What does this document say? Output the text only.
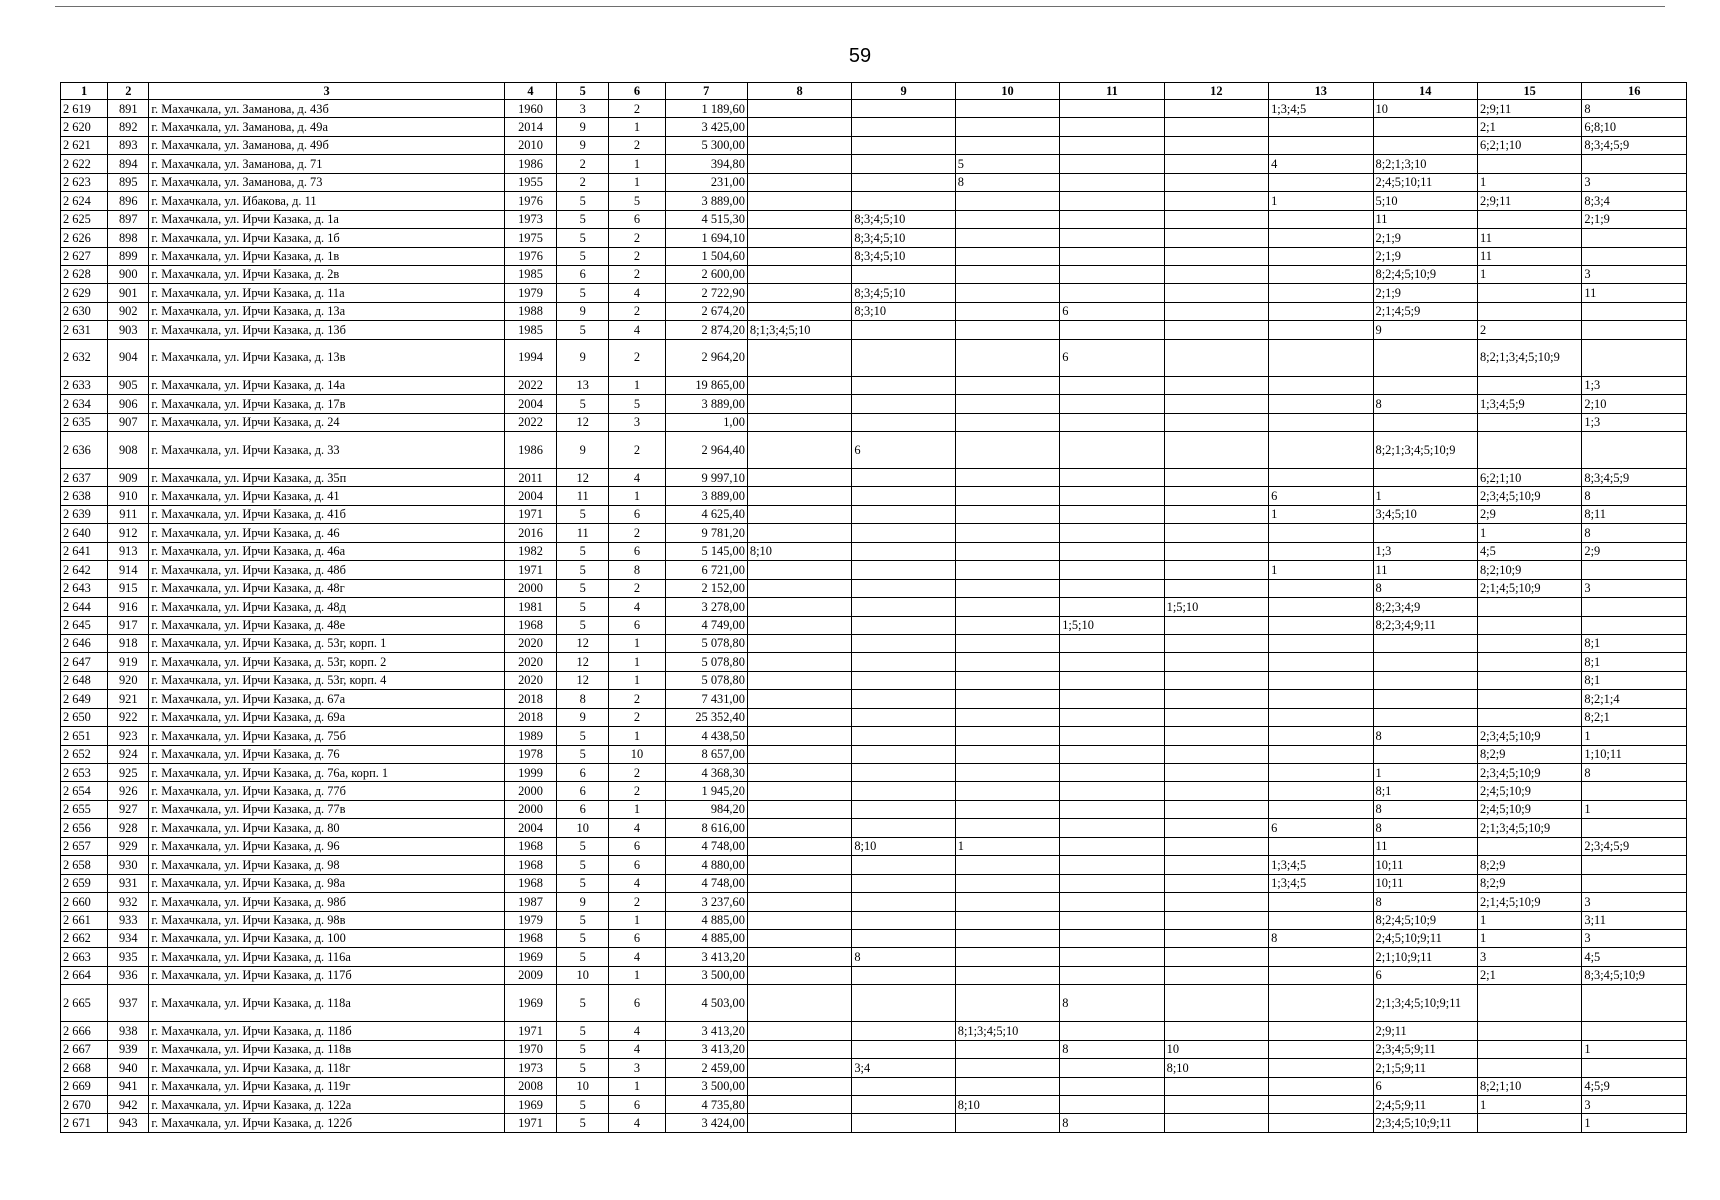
59
1	2	3	4	5	6	7	8	9	10	11	12	13	14	15	16
2 619	891	г. Махачкала, ул. Заманова, д. 43б	1960	3	2	1 189,60						1;3;4;5	10	2;9;11	8
2 620	892	г. Махачкала, ул. Заманова, д. 49а	2014	9	1	3 425,00								2;1	6;8;10
2 621	893	г. Махачкала, ул. Заманова, д. 49б	2010	9	2	5 300,00								6;2;1;10	8;3;4;5;9
2 622	894	г. Махачкала, ул. Заманова, д. 71	1986	2	1	394,80			5			4	8;2;1;3;10		
2 623	895	г. Махачкала, ул. Заманова, д. 73	1955	2	1	231,00			8				2;4;5;10;11	1	3
2 624	896	г. Махачкала, ул. Ибакова, д. 11	1976	5	5	3 889,00						1	5;10	2;9;11	8;3;4
2 625	897	г. Махачкала, ул. Ирчи Казака, д. 1а	1973	5	6	4 515,30		8;3;4;5;10					11		2;1;9
2 626	898	г. Махачкала, ул. Ирчи Казака, д. 1б	1975	5	2	1 694,10		8;3;4;5;10					2;1;9	11	
2 627	899	г. Махачкала, ул. Ирчи Казака, д. 1в	1976	5	2	1 504,60		8;3;4;5;10					2;1;9	11	
2 628	900	г. Махачкала, ул. Ирчи Казака, д. 2в	1985	6	2	2 600,00							8;2;4;5;10;9	1	3
2 629	901	г. Махачкала, ул. Ирчи Казака, д. 11а	1979	5	4	2 722,90		8;3;4;5;10					2;1;9		11
2 630	902	г. Махачкала, ул. Ирчи Казака, д. 13а	1988	9	2	2 674,20		8;3;10		6			2;1;4;5;9		
2 631	903	г. Махачкала, ул. Ирчи Казака, д. 13б	1985	5	4	2 874,20	8;1;3;4;5;10						9	2	
2 632	904	г. Махачкала, ул. Ирчи Казака, д. 13в	1994	9	2	2 964,20				6				8;2;1;3;4;5;10;9	
2 633	905	г. Махачкала, ул. Ирчи Казака, д. 14а	2022	13	1	19 865,00									1;3
2 634	906	г. Махачкала, ул. Ирчи Казака, д. 17в	2004	5	5	3 889,00							8	1;3;4;5;9	2;10
2 635	907	г. Махачкала, ул. Ирчи Казака, д. 24	2022	12	3	1,00									1;3
2 636	908	г. Махачкала, ул. Ирчи Казака, д. 33	1986	9	2	2 964,40		6					8;2;1;3;4;5;10;9		
2 637	909	г. Махачкала, ул. Ирчи Казака, д. 35п	2011	12	4	9 997,10								6;2;1;10	8;3;4;5;9
2 638	910	г. Махачкала, ул. Ирчи Казака, д. 41	2004	11	1	3 889,00						6	1	2;3;4;5;10;9	8
2 639	911	г. Махачкала, ул. Ирчи Казака, д. 41б	1971	5	6	4 625,40						1	3;4;5;10	2;9	8;11
2 640	912	г. Махачкала, ул. Ирчи Казака, д. 46	2016	11	2	9 781,20								1	8
2 641	913	г. Махачкала, ул. Ирчи Казака, д. 46а	1982	5	6	5 145,00	8;10						1;3	4;5	2;9
2 642	914	г. Махачкала, ул. Ирчи Казака, д. 48б	1971	5	8	6 721,00						1	11	8;2;10;9	
2 643	915	г. Махачкала, ул. Ирчи Казака, д. 48г	2000	5	2	2 152,00							8	2;1;4;5;10;9	3
2 644	916	г. Махачкала, ул. Ирчи Казака, д. 48д	1981	5	4	3 278,00					1;5;10		8;2;3;4;9		
2 645	917	г. Махачкала, ул. Ирчи Казака, д. 48е	1968	5	6	4 749,00				1;5;10			8;2;3;4;9;11		
2 646	918	г. Махачкала, ул. Ирчи Казака, д. 53г, корп. 1	2020	12	1	5 078,80									8;1
2 647	919	г. Махачкала, ул. Ирчи Казака, д. 53г, корп. 2	2020	12	1	5 078,80									8;1
2 648	920	г. Махачкала, ул. Ирчи Казака, д. 53г, корп. 4	2020	12	1	5 078,80									8;1
2 649	921	г. Махачкала, ул. Ирчи Казака, д. 67а	2018	8	2	7 431,00									8;2;1;4
2 650	922	г. Махачкала, ул. Ирчи Казака, д. 69а	2018	9	2	25 352,40									8;2;1
2 651	923	г. Махачкала, ул. Ирчи Казака, д. 75б	1989	5	1	4 438,50							8	2;3;4;5;10;9	1
2 652	924	г. Махачкала, ул. Ирчи Казака, д. 76	1978	5	10	8 657,00								8;2;9	1;10;11
2 653	925	г. Махачкала, ул. Ирчи Казака, д. 76а, корп. 1	1999	6	2	4 368,30							1	2;3;4;5;10;9	8
2 654	926	г. Махачкала, ул. Ирчи Казака, д. 77б	2000	6	2	1 945,20							8;1	2;4;5;10;9	
2 655	927	г. Махачкала, ул. Ирчи Казака, д. 77в	2000	6	1	984,20							8	2;4;5;10;9	1
2 656	928	г. Махачкала, ул. Ирчи Казака, д. 80	2004	10	4	8 616,00						6	8	2;1;3;4;5;10;9	
2 657	929	г. Махачкала, ул. Ирчи Казака, д. 96	1968	5	6	4 748,00		8;10	1				11		2;3;4;5;9
2 658	930	г. Махачкала, ул. Ирчи Казака, д. 98	1968	5	6	4 880,00						1;3;4;5	10;11	8;2;9	
2 659	931	г. Махачкала, ул. Ирчи Казака, д. 98а	1968	5	4	4 748,00						1;3;4;5	10;11	8;2;9	
2 660	932	г. Махачкала, ул. Ирчи Казака, д. 98б	1987	9	2	3 237,60							8	2;1;4;5;10;9	3
2 661	933	г. Махачкала, ул. Ирчи Казака, д. 98в	1979	5	1	4 885,00							8;2;4;5;10;9	1	3;11
2 662	934	г. Махачкала, ул. Ирчи Казака, д. 100	1968	5	6	4 885,00						8	2;4;5;10;9;11	1	3
2 663	935	г. Махачкала, ул. Ирчи Казака, д. 116а	1969	5	4	3 413,20		8					2;1;10;9;11	3	4;5
2 664	936	г. Махачкала, ул. Ирчи Казака, д. 117б	2009	10	1	3 500,00							6	2;1	8;3;4;5;10;9
2 665	937	г. Махачкала, ул. Ирчи Казака, д. 118а	1969	5	6	4 503,00				8			2;1;3;4;5;10;9;11		
2 666	938	г. Махачкала, ул. Ирчи Казака, д. 118б	1971	5	4	3 413,20			8;1;3;4;5;10				2;9;11		
2 667	939	г. Махачкала, ул. Ирчи Казака, д. 118в	1970	5	4	3 413,20				8	10		2;3;4;5;9;11		1
2 668	940	г. Махачкала, ул. Ирчи Казака, д. 118г	1973	5	3	2 459,00		3;4			8;10		2;1;5;9;11		
2 669	941	г. Махачкала, ул. Ирчи Казака, д. 119г	2008	10	1	3 500,00							6	8;2;1;10	4;5;9
2 670	942	г. Махачкала, ул. Ирчи Казака, д. 122а	1969	5	6	4 735,80			8;10				2;4;5;9;11	1	3
2 671	943	г. Махачкала, ул. Ирчи Казака, д. 122б	1971	5	4	3 424,00				8			2;3;4;5;10;9;11		1
